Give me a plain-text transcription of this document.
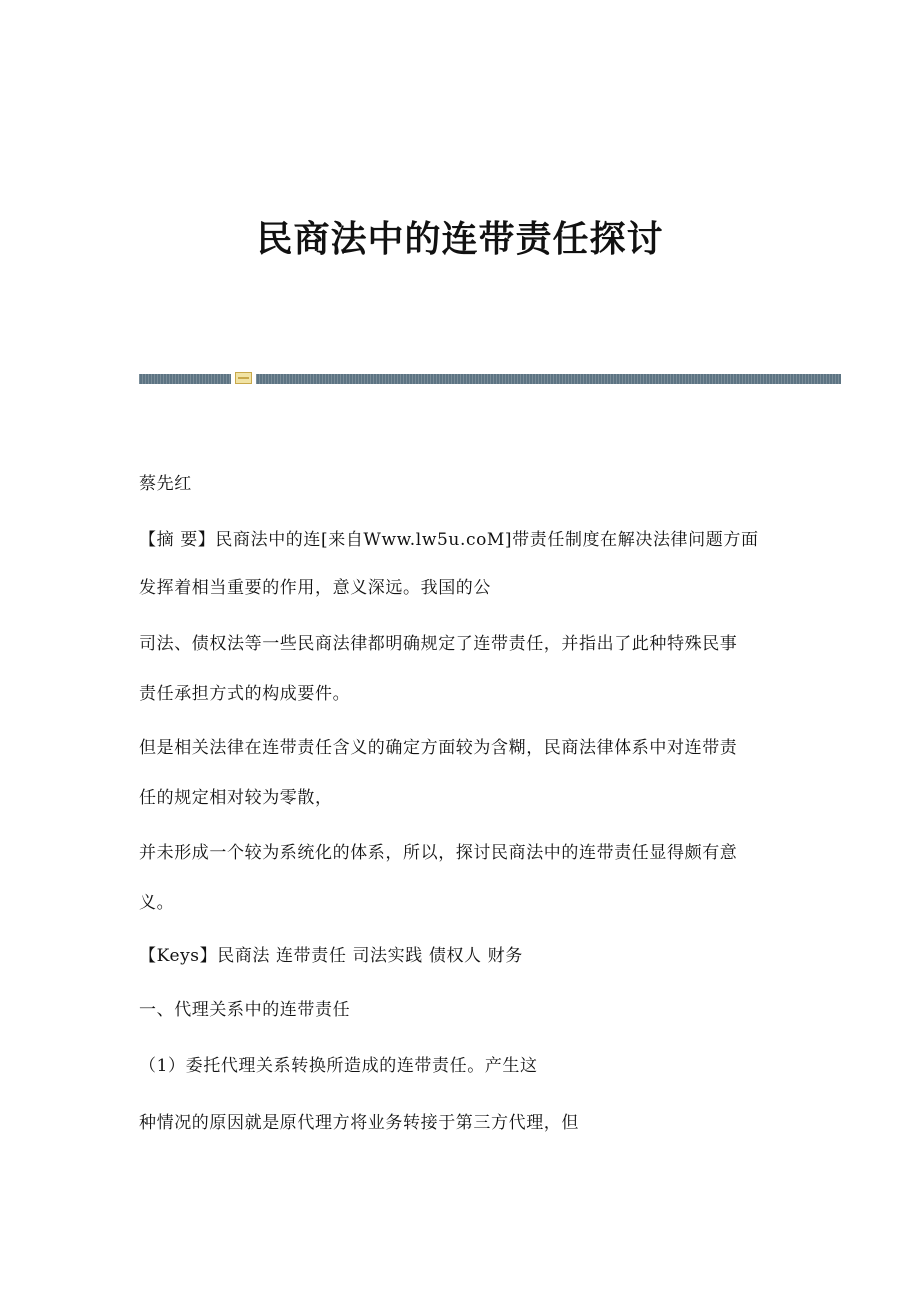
民商法中的连带责任探讨
蔡先红
【摘 要】民商法中的连[来自Www.lw5u.coM]带责任制度在解决法律问题方面
发挥着相当重要的作用，意义深远。我国的公
司法、债权法等一些民商法律都明确规定了连带责任，并指出了此种特殊民事
责任承担方式的构成要件。
但是相关法律在连带责任含义的确定方面较为含糊，民商法律体系中对连带责
任的规定相对较为零散，
并未形成一个较为系统化的体系，所以，探讨民商法中的连带责任显得颇有意
义。
【Keys】民商法 连带责任 司法实践 债权人 财务
一、代理关系中的连带责任
（1）委托代理关系转换所造成的连带责任。产生这
种情况的原因就是原代理方将业务转接于第三方代理，但
